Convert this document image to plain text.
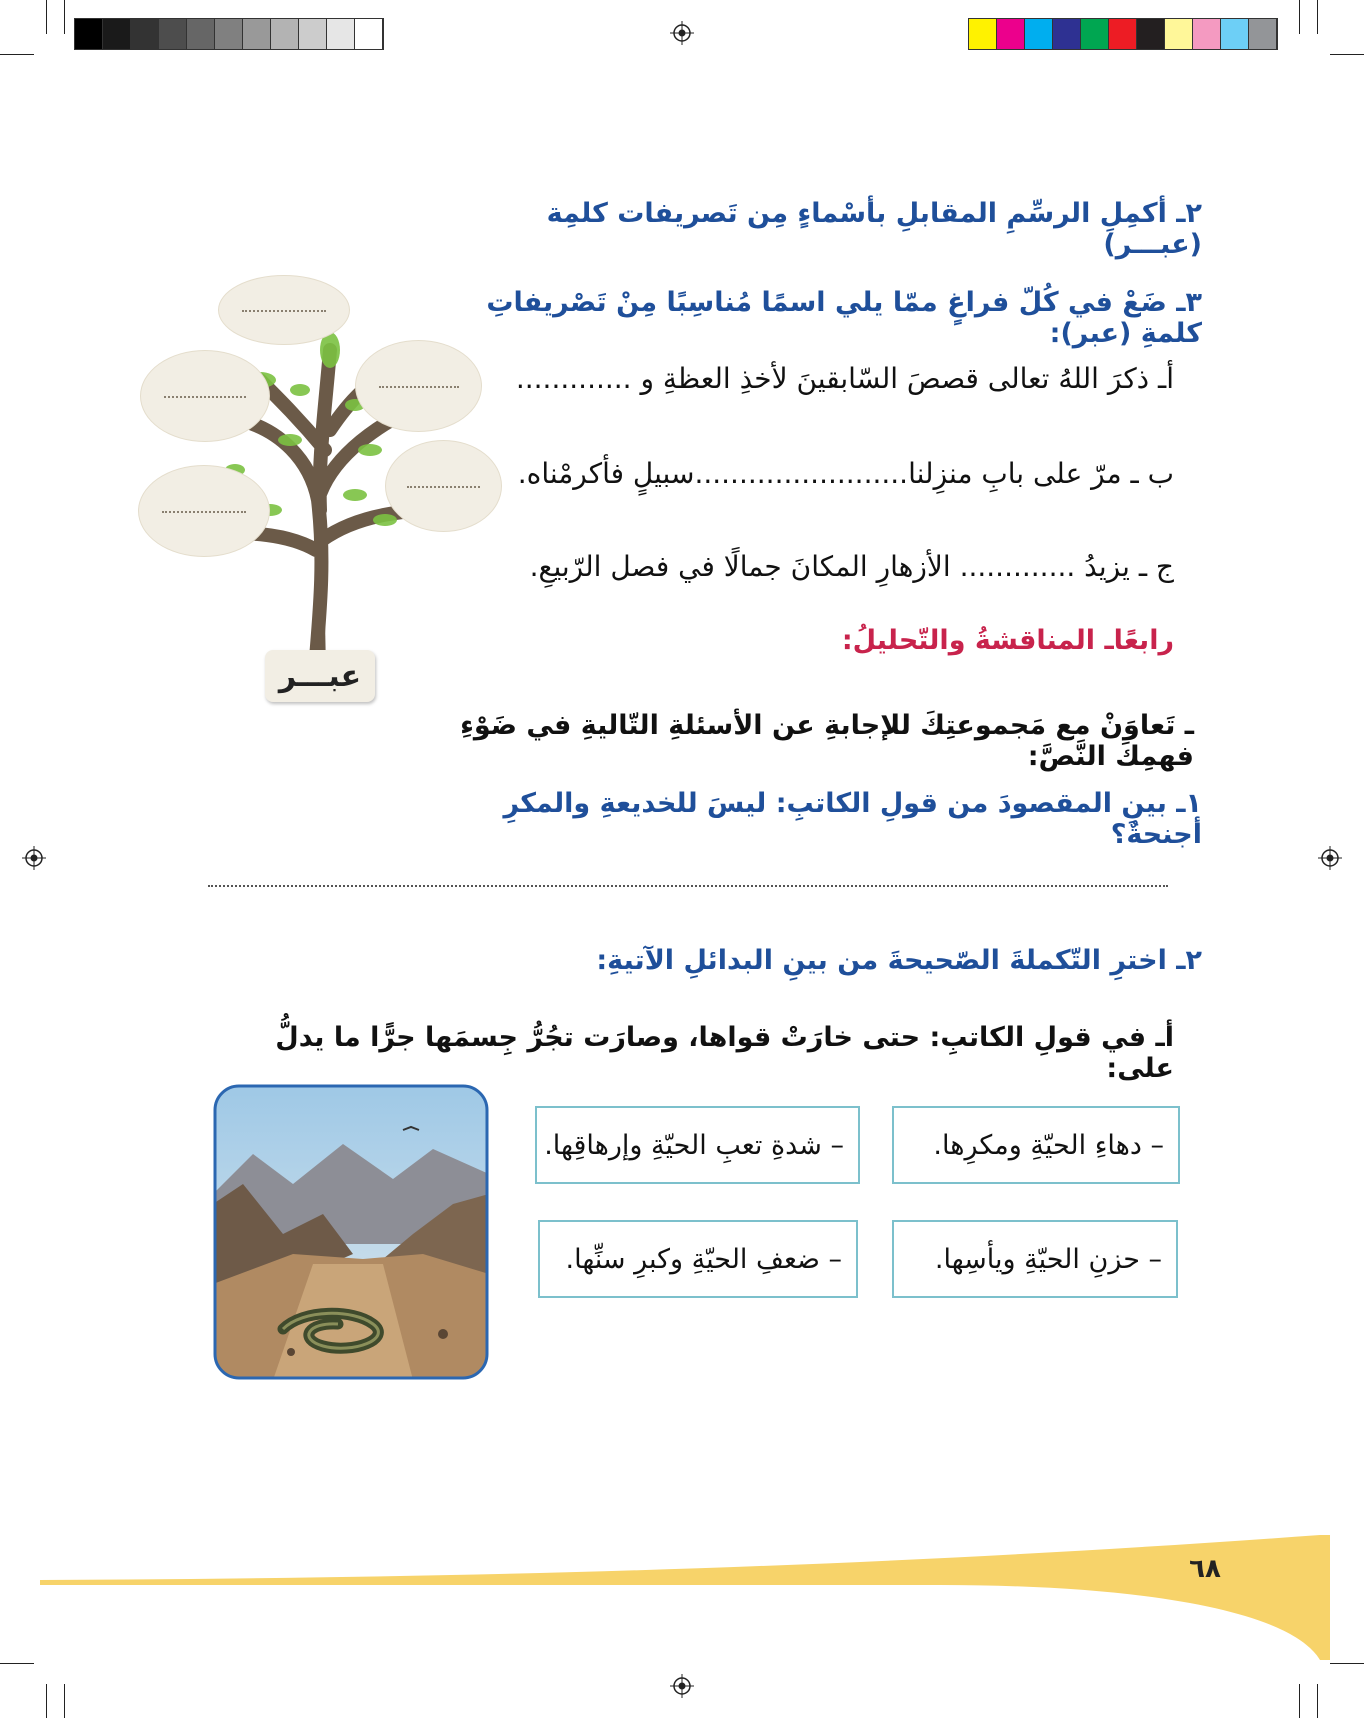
عبـــر
٢ـ أكمِلِ الرسِّمِ المقابلِ بأسْماءٍ مِن تَصريفات كلمِة (عبـــر)
٣ـ ضَعْ في كُلّ فراغٍ ممّا يلي اسمًا مُناسِبًا مِنْ تَصْريفاتِ كلمةِ (عبر):
أـ ذكرَ اللهُ تعالى قصصَ السّابقينَ لأخذِ العظةِ و .............
ب ـ مرّ على بابِ منزِلنا........................سبيلٍ فأكرمْناه.
ج ـ يزيدُ ............. الأزهارِ المكانَ جمالًا في فصل الرّبيعِ.
رابعًاـ المناقشةُ والتّحليلُ:
ـ تَعاوَنْ مع مَجموعتِكَ للإجابةِ عن الأسئلةِ التّاليةِ في ضَوْءِ فهمِكَ النَّصَّ:
١ـ بينِ المقصودَ من قولِ الكاتبِ: ليسَ للخديعةِ والمكرِ أجنحةٌ؟
٢ـ اخترِ التّكملةَ الصّحيحةَ من بينِ البدائلِ الآتيةِ:
أـ في قولِ الكاتبِ: حتى خارَتْ قواها، وصارَت تجُرُّ جِسمَها جرًّا ما يدلُّ على:
– دهاءِ الحيّةِ ومكرِها.
– شدةِ تعبِ الحيّةِ وإرهاقِها.
– حزنِ الحيّةِ ويأسِها.
– ضعفِ الحيّةِ وكبرِ سنِّها.
٦٨
